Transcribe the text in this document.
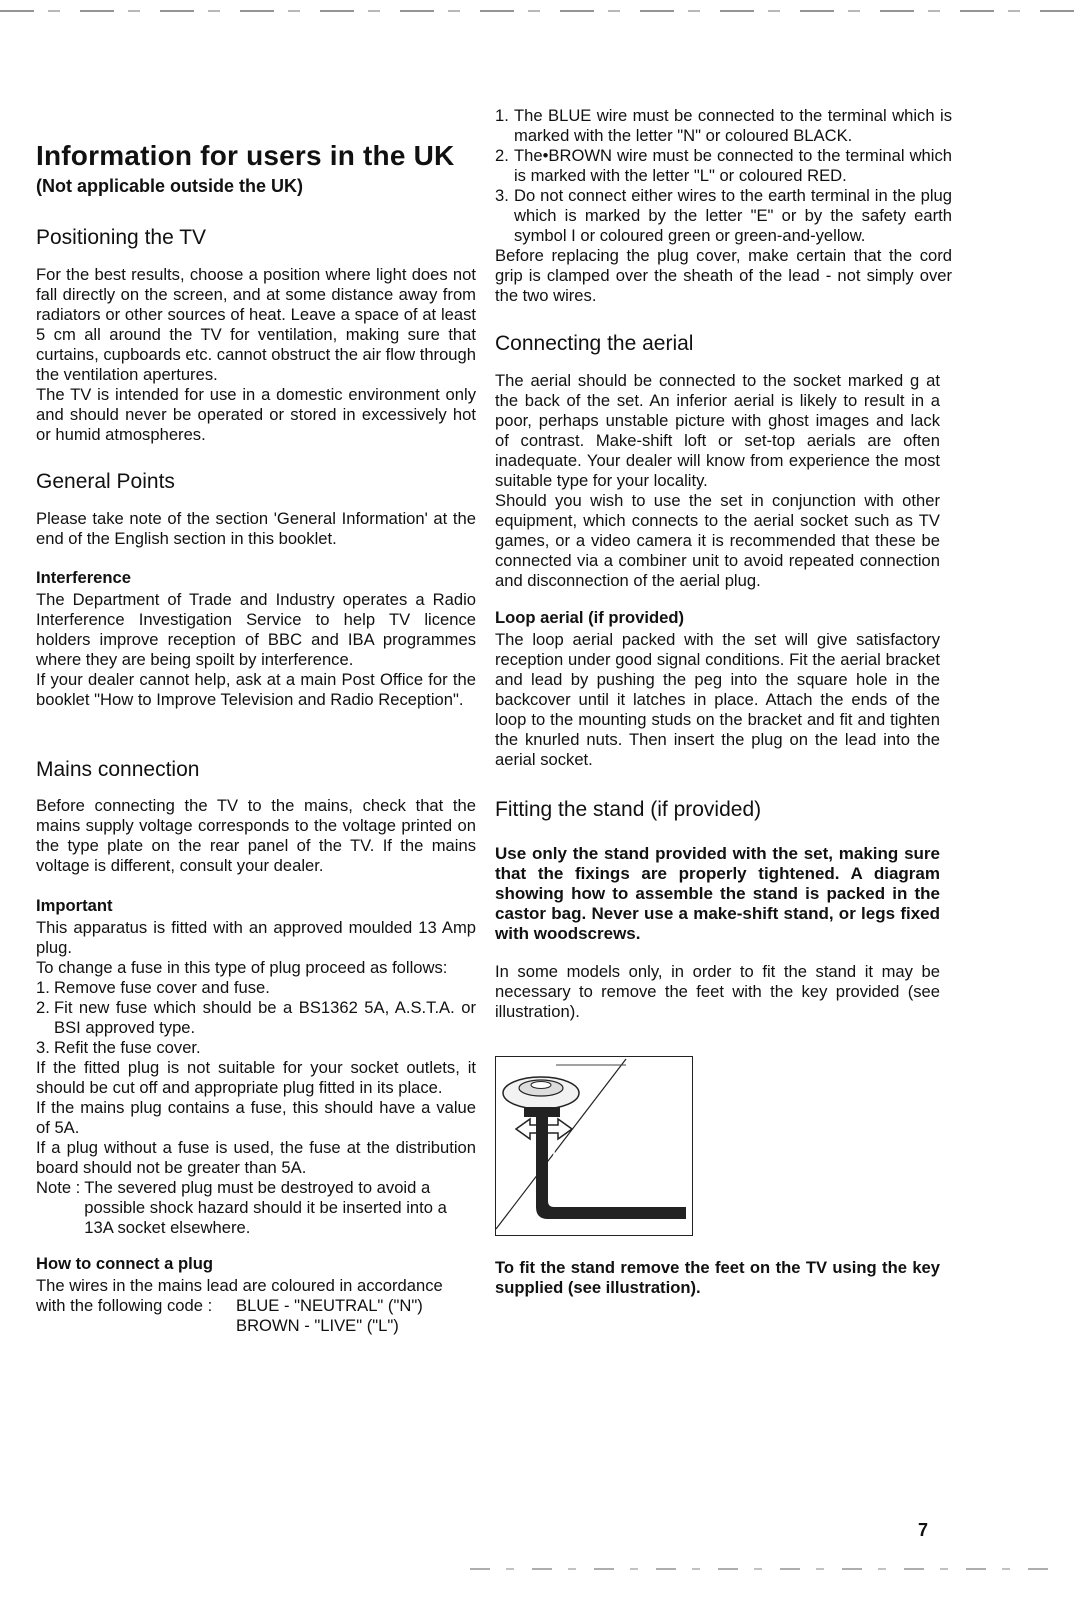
Information for users in the UK
(Not applicable outside the UK)
Positioning the TV

For the best results, choose a position where light does not fall directly on the screen, and at some distance away from radiators or other sources of heat. Leave a space of at least 5 cm all around the TV for ventilation, making sure that curtains, cupboards etc. cannot obstruct the air flow through the ventilation apertures.

The TV is intended for use in a domestic environment only and should never be operated or stored in excessively hot or humid atmospheres.

General Points

Please take note of the section 'General Information' at the end of the English section in this booklet.

Interference

The Department of Trade and Industry operates a Radio Interference Investigation Service to help TV licence holders improve reception of BBC and IBA programmes where they are being spoilt by interference.

If your dealer cannot help, ask at a main Post Office for the booklet "How to Improve Television and Radio Reception".

Mains connection

Before connecting the TV to the mains, check that the mains supply voltage corresponds to the voltage printed on the type plate on the rear panel of the TV. If the mains voltage is different, consult your dealer.

Important

This apparatus is fitted with an approved moulded 13 Amp plug.

To change a fuse in this type of plug proceed as follows:

1. Remove fuse cover and fuse.
2. Fit new fuse which should be a BS1362 5A, A.S.T.A. or BSI approved type.
3. Refit the fuse cover.

If the fitted plug is not suitable for your socket outlets, it should be cut off and appropriate plug fitted in its place.

If the mains plug contains a fuse, this should have a value of 5A.

If a plug without a fuse is used, the fuse at the distribution board should not be greater than 5A.

Note : The severed plug must be destroyed to avoid a possible shock hazard should it be inserted into a 13A socket elsewhere.
How to connect a plug
The wires in the mains lead are coloured in accordance
with the following code : BLUE - "NEUTRAL" ("N")
BROWN - "LIVE" ("L")
1. The BLUE wire must be connected to the terminal which is marked with the letter "N" or coloured BLACK.
2. The•BROWN wire must be connected to the terminal which is marked with the letter "L" or coloured RED.
3. Do not connect either wires to the earth terminal in the plug which is marked by the letter "E" or by the safety earth symbol I or coloured green or green-and-yellow.

Before replacing the plug cover, make certain that the cord grip is clamped over the sheath of the lead - not simply over the two wires.

Connecting the aerial

The aerial should be connected to the socket marked g at the back of the set. An inferior aerial is likely to result in a poor, perhaps unstable picture with ghost images and lack of contrast. Make-shift loft or set-top aerials are often inadequate. Your dealer will know from experience the most suitable type for your locality.

Should you wish to use the set in conjunction with other equipment, which connects to the aerial socket such as TV games, or a video camera it is recommended that these be connected via a combiner unit to avoid repeated connection and disconnection of the aerial plug.

Loop aerial (if provided)

The loop aerial packed with the set will give satisfactory reception under good signal conditions. Fit the aerial bracket and lead by pushing the peg into the square hole in the backcover until it latches in place. Attach the ends of the loop to the mounting studs on the bracket and fit and tighten the knurled nuts. Then insert the plug on the lead into the aerial socket.

Fitting the stand (if provided)

Use only the stand provided with the set, making sure that the fixings are properly tightened. A diagram showing how to assemble the stand is packed in the castor bag. Never use a make-shift stand, or legs fixed with woodscrews.

In some models only, in order to fit the stand it may be necessary to remove the feet with the key provided (see illustration).

To fit the stand remove the feet on the TV using the key supplied (see illustration).

7
